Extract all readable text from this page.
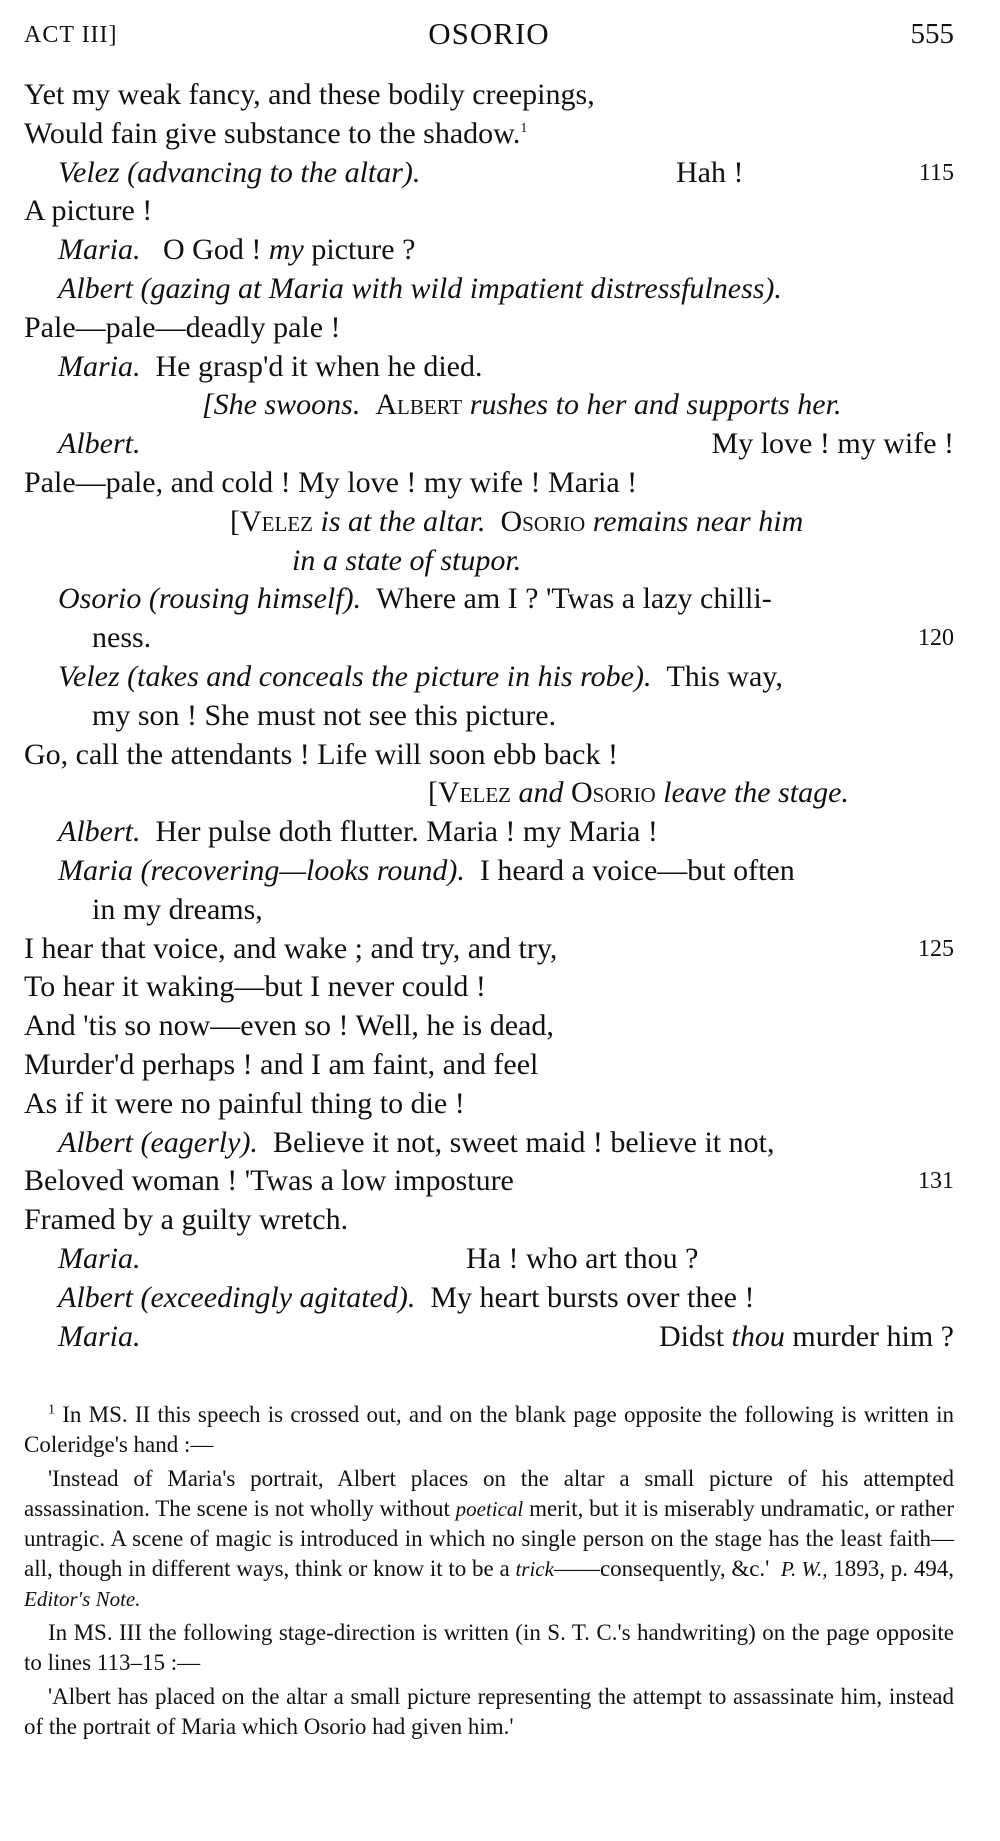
ACT III]	OSORIO	555
Yet my weak fancy, and these bodily creepings,
Would fain give substance to the shadow.$^1$
Velez (advancing to the altar).	Hah !	115
A picture !
Maria. O God ! my picture ?
Albert (gazing at Maria with wild impatient distressfulness).
Pale—pale—deadly pale !
Maria. He grasp'd it when he died.
[She swoons. Albert rushes to her and supports her.
Albert.	My love ! my wife !
Pale—pale, and cold ! My love ! my wife ! Maria !
[Velez is at the altar. Osorio remains near him
in a state of stupor.
Osorio (rousing himself). Where am I ? 'Twas a lazy chilli-
ness.	120
Velez (takes and conceals the picture in his robe). This way,
my son ! She must not see this picture.
Go, call the attendants ! Life will soon ebb back !
[Velez and Osorio leave the stage.
Albert. Her pulse doth flutter. Maria ! my Maria !
Maria (recovering—looks round). I heard a voice—but often
in my dreams,
I hear that voice, and wake ; and try, and try,	125
To hear it waking—but I never could !
And 'tis so now—even so ! Well, he is dead,
Murder'd perhaps ! and I am faint, and feel
As if it were no painful thing to die !
Albert (eagerly). Believe it not, sweet maid ! believe it not,
Beloved woman ! 'Twas a low imposture	131
Framed by a guilty wretch.
Maria.	Ha ! who art thou ?
Albert (exceedingly agitated). My heart bursts over thee !
Maria.	Didst thou murder him ?

$^1$ In MS. II this speech is crossed out, and on the blank page opposite the following is written in Coleridge's hand :—

'Instead of Maria's portrait, Albert places on the altar a small picture of his attempted assassination. The scene is not wholly without poetical merit, but it is miserably undramatic, or rather untragic. A scene of magic is introduced in which no single person on the stage has the least faith—all, though in different ways, think or know it to be a trick——consequently, &c.' P. W., 1893, p. 494, Editor's Note.

In MS. III the following stage-direction is written (in S. T. C.'s handwriting) on the page opposite to lines 113–15 :—

'Albert has placed on the altar a small picture representing the attempt to assassinate him, instead of the portrait of Maria which Osorio had given him.'
